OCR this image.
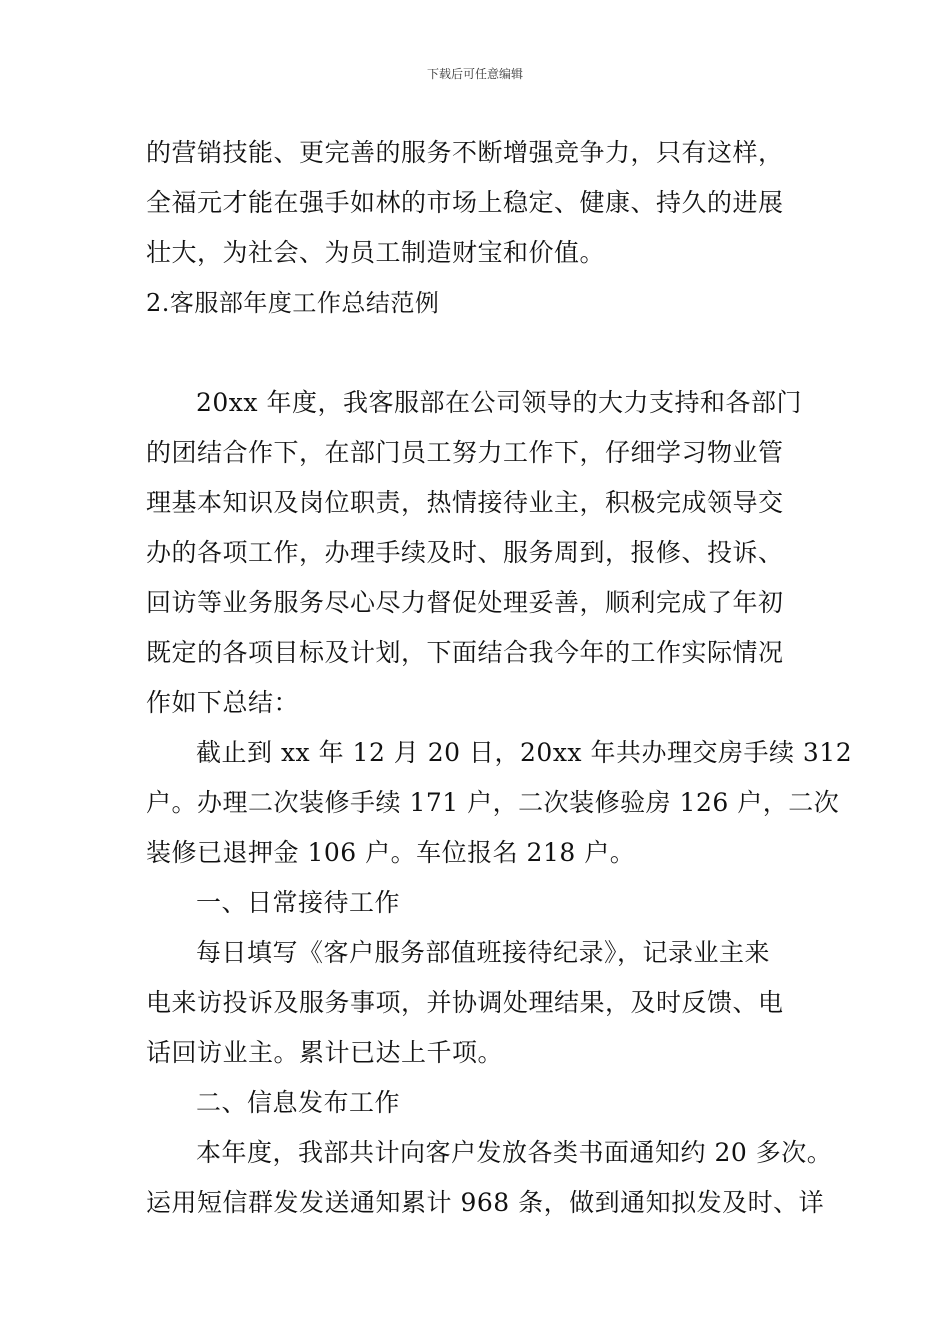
下载后可任意编辑
的营销技能、更完善的服务不断增强竞争力，只有这样，
全福元才能在强手如林的市场上稳定、健康、持久的进展
壮大，为社会、为员工制造财宝和价值。
2.客服部年度工作总结范例
20xx 年度，我客服部在公司领导的大力支持和各部门
的团结合作下，在部门员工努力工作下，仔细学习物业管
理基本知识及岗位职责，热情接待业主，积极完成领导交
办的各项工作，办理手续及时、服务周到，报修、投诉、
回访等业务服务尽心尽力督促处理妥善，顺利完成了年初
既定的各项目标及计划，下面结合我今年的工作实际情况
作如下总结：
截止到 xx 年 12 月 20 日，20xx 年共办理交房手续 312
户。办理二次装修手续 171 户，二次装修验房 126 户，二次
装修已退押金 106 户。车位报名 218 户。
一、日常接待工作
每日填写《客户服务部值班接待纪录》，记录业主来
电来访投诉及服务事项，并协调处理结果，及时反馈、电
话回访业主。累计已达上千项。
二、信息发布工作
本年度，我部共计向客户发放各类书面通知约 20 多次。
运用短信群发发送通知累计 968 条，做到通知拟发及时、详
